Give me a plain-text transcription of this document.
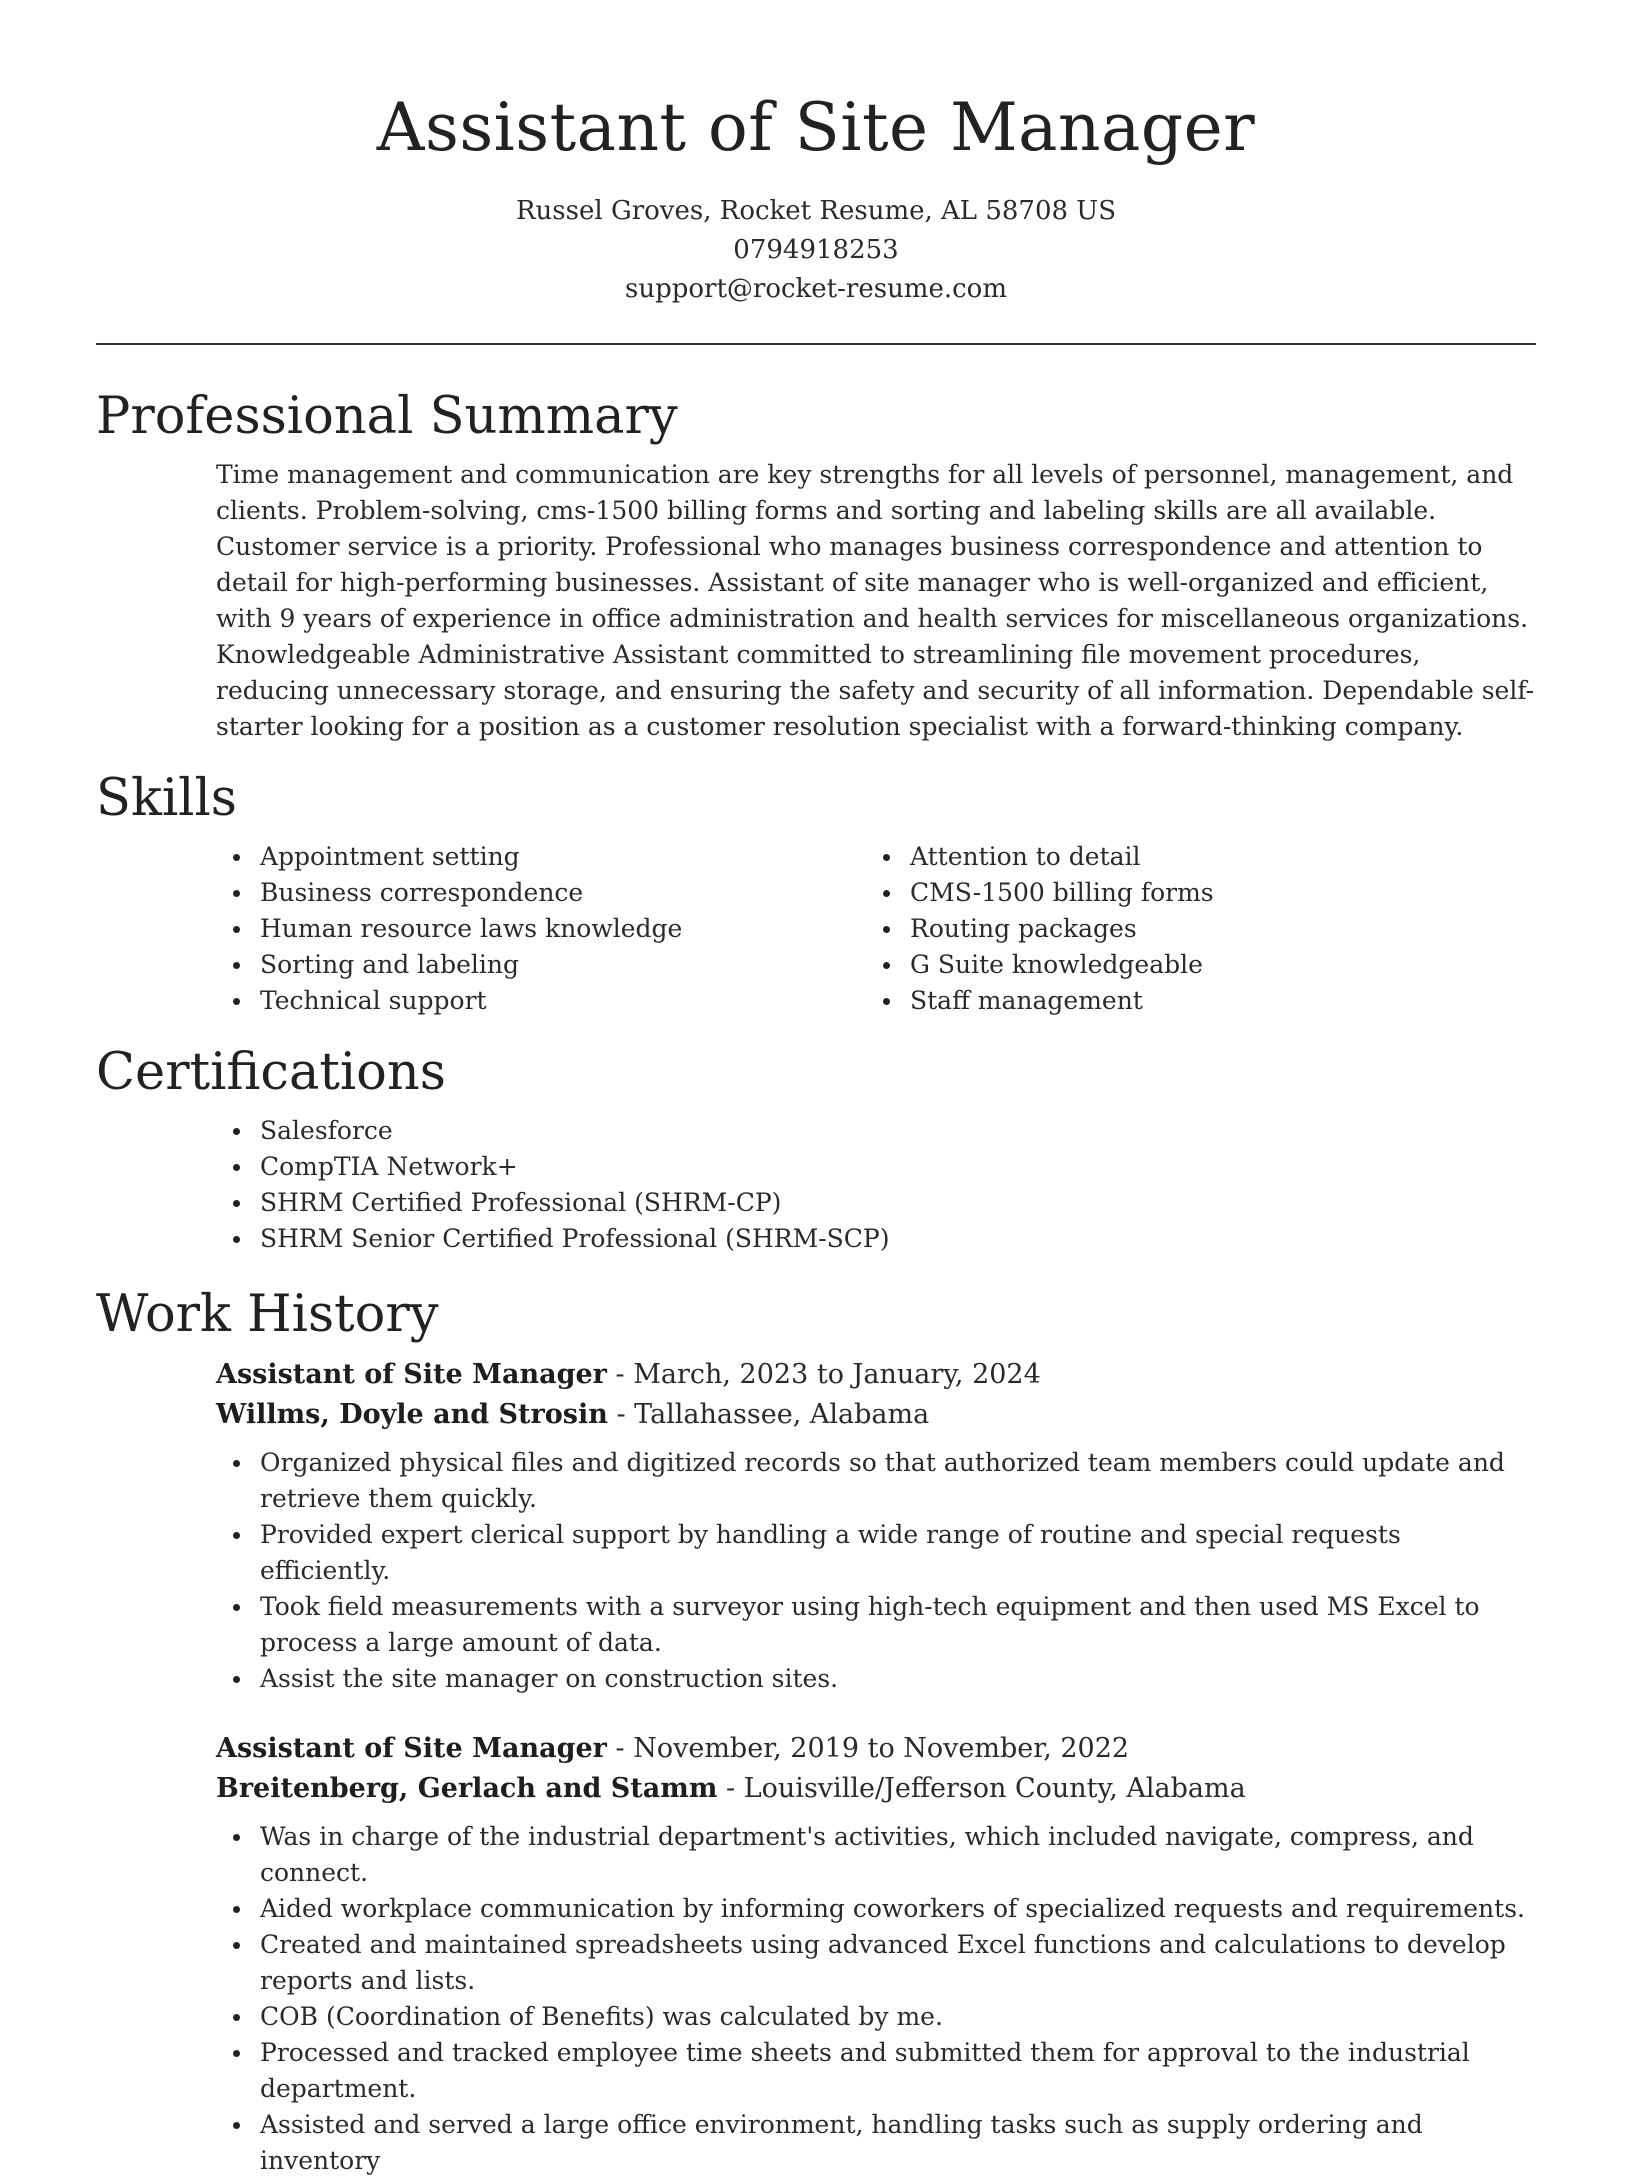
Assistant of Site Manager
Russel Groves, Rocket Resume, AL 58708 US
0794918253
support@rocket-resume.com
Professional Summary

Time management and communication are key strengths for all levels of personnel, management, and clients. Problem-solving, cms-1500 billing forms and sorting and labeling skills are all available. Customer service is a priority. Professional who manages business correspondence and attention to detail for high-performing businesses. Assistant of site manager who is well-organized and efficient, with 9 years of experience in office administration and health services for miscellaneous organizations. Knowledgeable Administrative Assistant committed to streamlining file movement procedures, reducing unnecessary storage, and ensuring the safety and security of all information. Dependable self-starter looking for a position as a customer resolution specialist with a forward-thinking company.

Skills
Appointment setting
Business correspondence
Human resource laws knowledge
Sorting and labeling
Technical support
Attention to detail
CMS-1500 billing forms
Routing packages
G Suite knowledgeable
Staff management
Certifications
Salesforce
CompTIA Network+
SHRM Certified Professional (SHRM-CP)
SHRM Senior Certified Professional (SHRM-SCP)
Work History
Assistant of Site Manager - March, 2023 to January, 2024
Willms, Doyle and Strosin - Tallahassee, Alabama
Organized physical files and digitized records so that authorized team members could update and retrieve them quickly.
Provided expert clerical support by handling a wide range of routine and special requests efficiently.
Took field measurements with a surveyor using high-tech equipment and then used MS Excel to process a large amount of data.
Assist the site manager on construction sites.
Assistant of Site Manager - November, 2019 to November, 2022
Breitenberg, Gerlach and Stamm - Louisville/Jefferson County, Alabama
Was in charge of the industrial department's activities, which included navigate, compress, and connect.
Aided workplace communication by informing coworkers of specialized requests and requirements.
Created and maintained spreadsheets using advanced Excel functions and calculations to develop reports and lists.
COB (Coordination of Benefits) was calculated by me.
Processed and tracked employee time sheets and submitted them for approval to the industrial department.
Assisted and served a large office environment, handling tasks such as supply ordering and inventory
